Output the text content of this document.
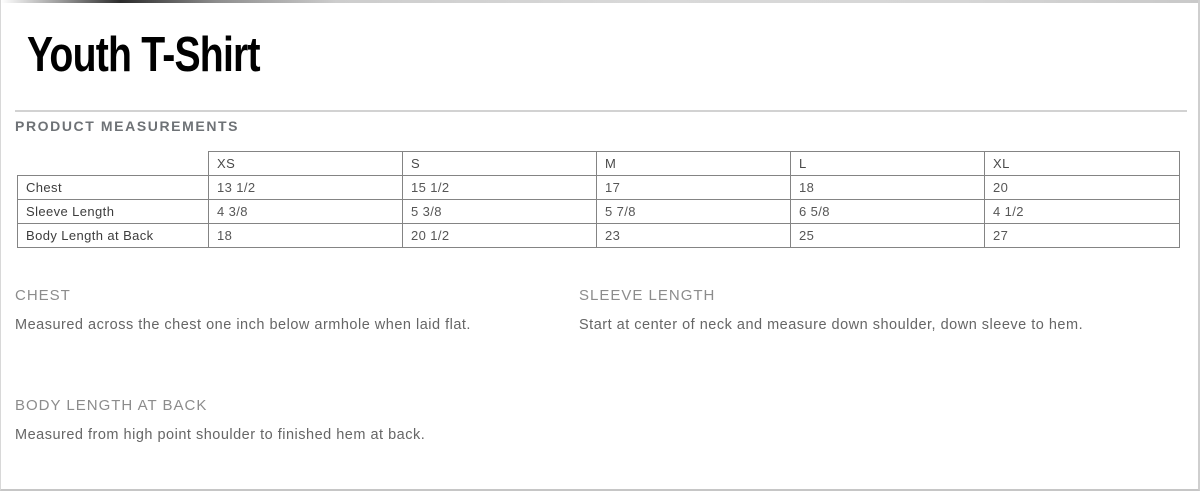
Youth T-Shirt
PRODUCT MEASUREMENTS
	XS	S	M	L	XL
Chest	13 1/2	15 1/2	17	18	20
Sleeve Length	4 3/8	5 3/8	5 7/8	6 5/8	4 1/2
Body Length at Back	18	20 1/2	23	25	27
CHEST

Measured across the chest one inch below armhole when laid flat.

SLEEVE LENGTH

Start at center of neck and measure down shoulder, down sleeve to hem.

BODY LENGTH AT BACK

Measured from high point shoulder to finished hem at back.
